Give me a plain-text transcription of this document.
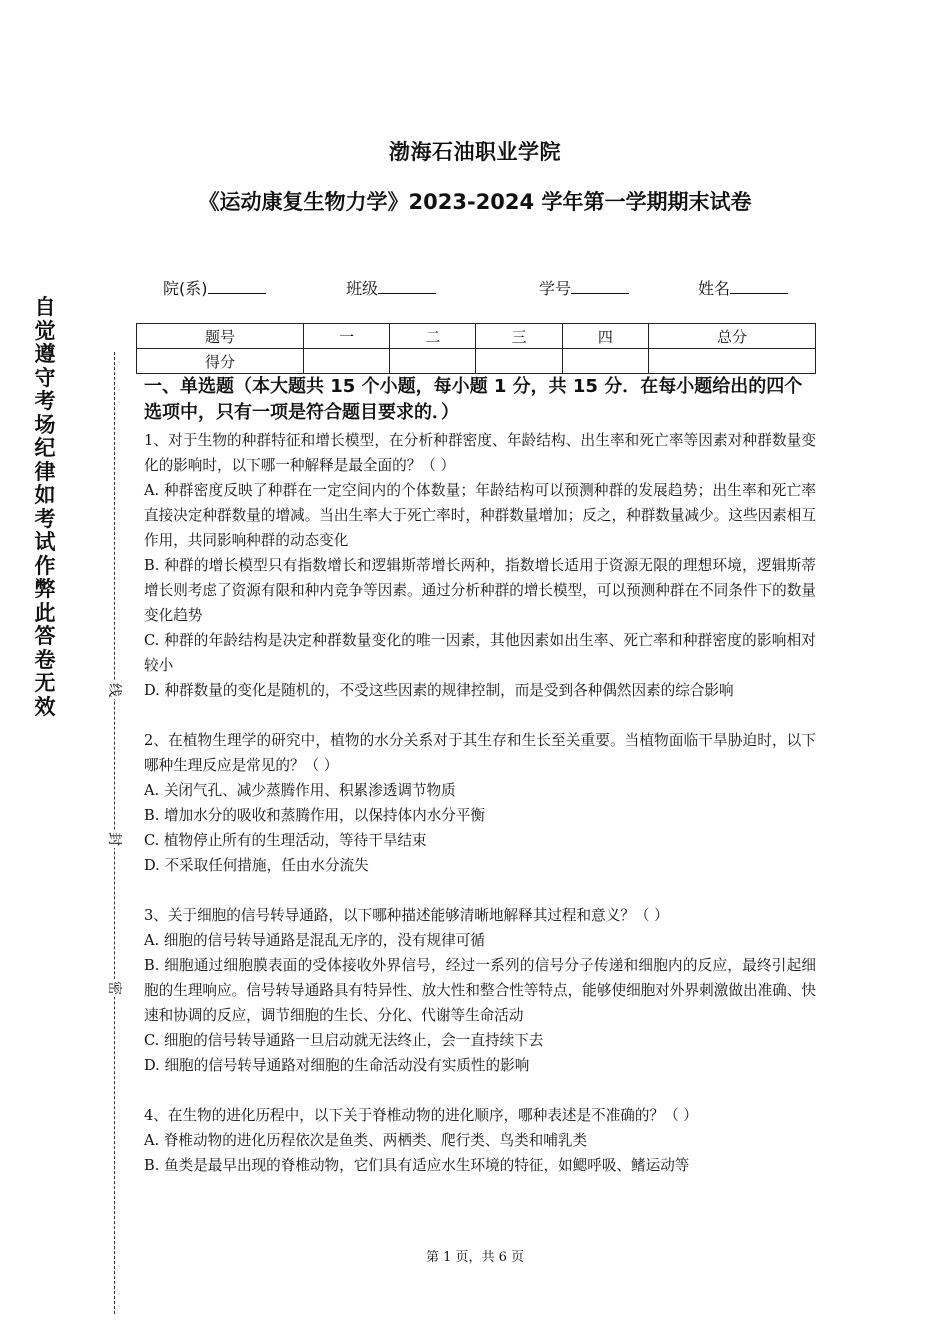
渤海石油职业学院
《运动康复生物力学》2023-2024 学年第一学期期末试卷
院(系)	班级	学号	姓名
题号	一	二	三	四	总分
得分					
自觉遵守考场纪律如考试作弊此答卷无效
线
封
密
一、单选题（本大题共 15 个小题，每小题 1 分，共 15 分．在每小题给出的四个选项中，只有一项是符合题目要求的．）
1、对于生物的种群特征和增长模型，在分析种群密度、年龄结构、出生率和死亡率等因素对种群数量变化的影响时，以下哪一种解释是最全面的？（ ）
A. 种群密度反映了种群在一定空间内的个体数量；年龄结构可以预测种群的发展趋势；出生率和死亡率直接决定种群数量的增减。当出生率大于死亡率时，种群数量增加；反之，种群数量减少。这些因素相互作用，共同影响种群的动态变化
B. 种群的增长模型只有指数增长和逻辑斯蒂增长两种，指数增长适用于资源无限的理想环境，逻辑斯蒂增长则考虑了资源有限和种内竞争等因素。通过分析种群的增长模型，可以预测种群在不同条件下的数量变化趋势
C. 种群的年龄结构是决定种群数量变化的唯一因素，其他因素如出生率、死亡率和种群密度的影响相对较小
D. 种群数量的变化是随机的，不受这些因素的规律控制，而是受到各种偶然因素的综合影响
2、在植物生理学的研究中，植物的水分关系对于其生存和生长至关重要。当植物面临干旱胁迫时，以下哪种生理反应是常见的？（ ）
A. 关闭气孔、减少蒸腾作用、积累渗透调节物质
B. 增加水分的吸收和蒸腾作用，以保持体内水分平衡
C. 植物停止所有的生理活动，等待干旱结束
D. 不采取任何措施，任由水分流失
3、关于细胞的信号转导通路，以下哪种描述能够清晰地解释其过程和意义？（ ）
A. 细胞的信号转导通路是混乱无序的，没有规律可循
B. 细胞通过细胞膜表面的受体接收外界信号，经过一系列的信号分子传递和细胞内的反应，最终引起细胞的生理响应。信号转导通路具有特异性、放大性和整合性等特点，能够使细胞对外界刺激做出准确、快速和协调的反应，调节细胞的生长、分化、代谢等生命活动
C. 细胞的信号转导通路一旦启动就无法终止，会一直持续下去
D. 细胞的信号转导通路对细胞的生命活动没有实质性的影响
4、在生物的进化历程中，以下关于脊椎动物的进化顺序，哪种表述是不准确的？（ ）
A. 脊椎动物的进化历程依次是鱼类、两栖类、爬行类、鸟类和哺乳类
B. 鱼类是最早出现的脊椎动物，它们具有适应水生环境的特征，如鳃呼吸、鳍运动等
第 1 页，共 6 页
